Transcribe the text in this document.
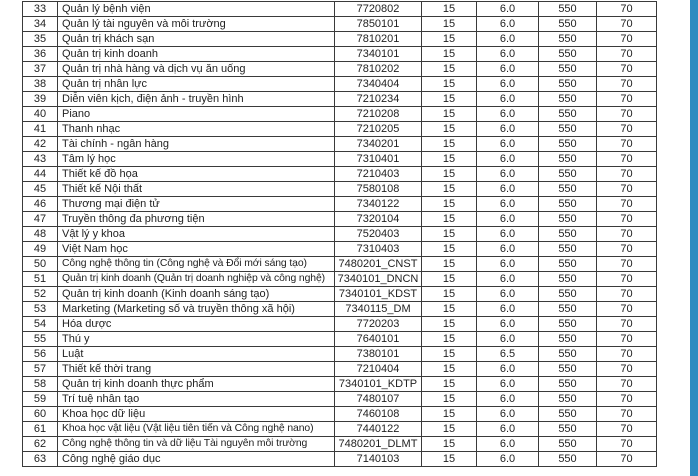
33	Quản lý bệnh viện	7720802	15	6.0	550	70
34	Quản lý tài nguyên và môi trường	7850101	15	6.0	550	70
35	Quản trị khách sạn	7810201	15	6.0	550	70
36	Quản trị kinh doanh	7340101	15	6.0	550	70
37	Quản trị nhà hàng và dịch vụ ăn uống	7810202	15	6.0	550	70
38	Quản trị nhân lực	7340404	15	6.0	550	70
39	Diễn viên kịch, điện ảnh - truyền hình	7210234	15	6.0	550	70
40	Piano	7210208	15	6.0	550	70
41	Thanh nhạc	7210205	15	6.0	550	70
42	Tài chính - ngân hàng	7340201	15	6.0	550	70
43	Tâm lý học	7310401	15	6.0	550	70
44	Thiết kế đồ họa	7210403	15	6.0	550	70
45	Thiết kế Nội thất	7580108	15	6.0	550	70
46	Thương mại điện tử	7340122	15	6.0	550	70
47	Truyền thông đa phương tiện	7320104	15	6.0	550	70
48	Vật lý y khoa	7520403	15	6.0	550	70
49	Việt Nam học	7310403	15	6.0	550	70
50	Công nghệ thông tin (Công nghệ và Đổi mới sáng tạo)	7480201_CNST	15	6.0	550	70
51	Quản trị kinh doanh (Quản trị doanh nghiệp và công nghệ)	7340101_DNCN	15	6.0	550	70
52	Quản trị kinh doanh (Kinh doanh sáng tạo)	7340101_KDST	15	6.0	550	70
53	Marketing (Marketing số và truyền thông xã hội)	7340115_DM	15	6.0	550	70
54	Hóa dược	7720203	15	6.0	550	70
55	Thú y	7640101	15	6.0	550	70
56	Luật	7380101	15	6.5	550	70
57	Thiết kế thời trang	7210404	15	6.0	550	70
58	Quản trị kinh doanh thực phẩm	7340101_KDTP	15	6.0	550	70
59	Trí tuệ nhân tạo	7480107	15	6.0	550	70
60	Khoa học dữ liệu	7460108	15	6.0	550	70
61	Khoa học vật liệu (Vật liệu tiên tiến và Công nghệ nano)	7440122	15	6.0	550	70
62	Công nghệ thông tin và dữ liệu Tài nguyên môi trường	7480201_DLMT	15	6.0	550	70
63	Công nghệ giáo dục	7140103	15	6.0	550	70
